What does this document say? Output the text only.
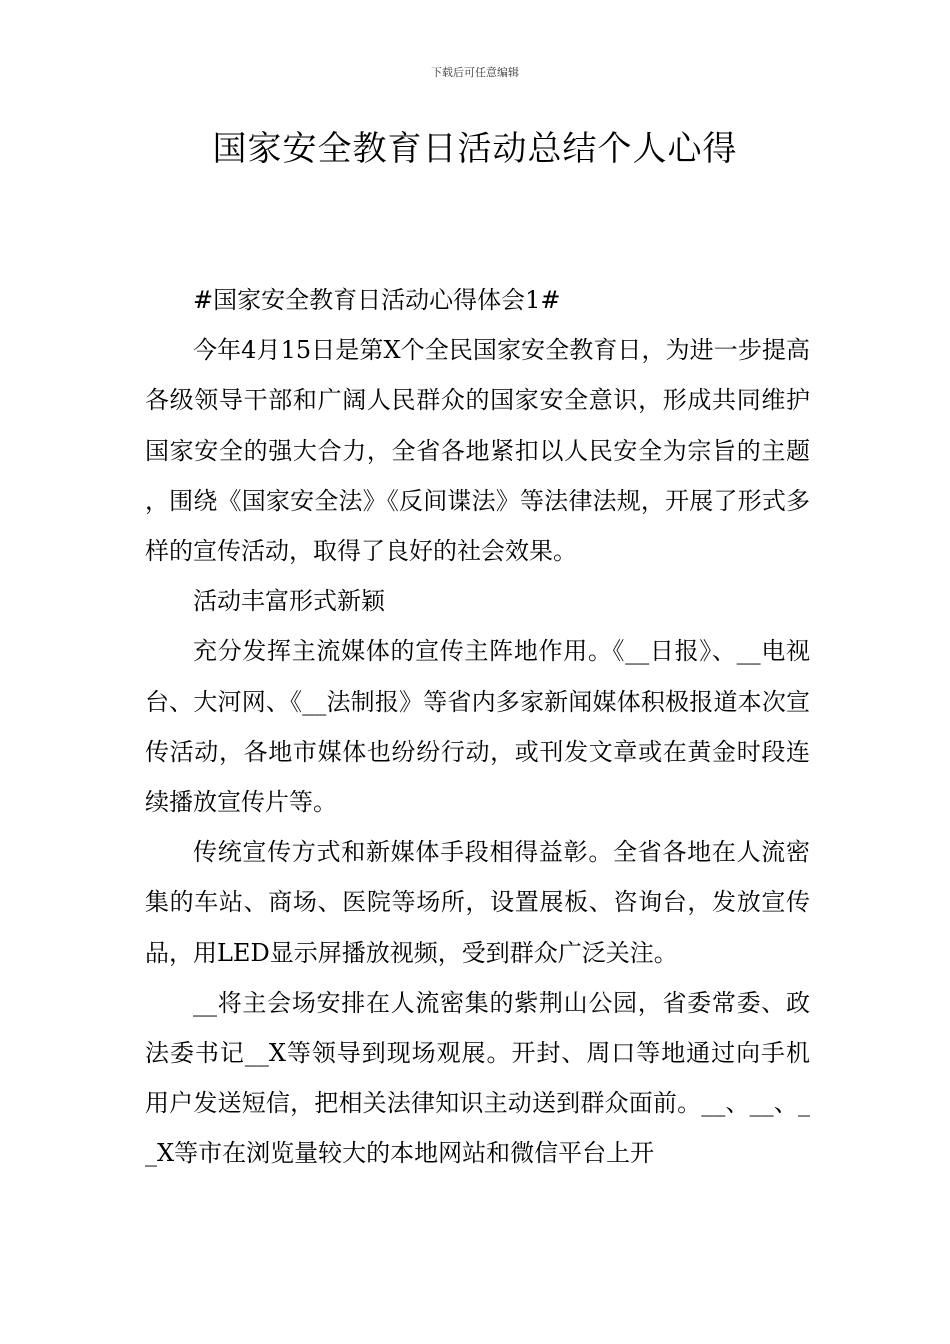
下载后可任意编辑
国家安全教育日活动总结个人心得

#国家安全教育日活动心得体会1#

今年4月15日是第X个全民国家安全教育日，为进一步提高各级领导干部和广阔人民群众的国家安全意识，形成共同维护国家安全的强大合力，全省各地紧扣以人民安全为宗旨的主题，围绕《国家安全法》《反间谍法》等法律法规，开展了形式多样的宣传活动，取得了良好的社会效果。

活动丰富形式新颖

充分发挥主流媒体的宣传主阵地作用。《__日报》、__电视台、大河网、《__法制报》等省内多家新闻媒体积极报道本次宣传活动，各地市媒体也纷纷行动，或刊发文章或在黄金时段连续播放宣传片等。

传统宣传方式和新媒体手段相得益彰。全省各地在人流密集的车站、商场、医院等场所，设置展板、咨询台，发放宣传品，用LED显示屏播放视频，受到群众广泛关注。

__将主会场安排在人流密集的紫荆山公园，省委常委、政法委书记__X等领导到现场观展。开封、周口等地通过向手机用户发送短信，把相关法律知识主动送到群众面前。__、__、__X等市在浏览量较大的本地网站和微信平台上开
